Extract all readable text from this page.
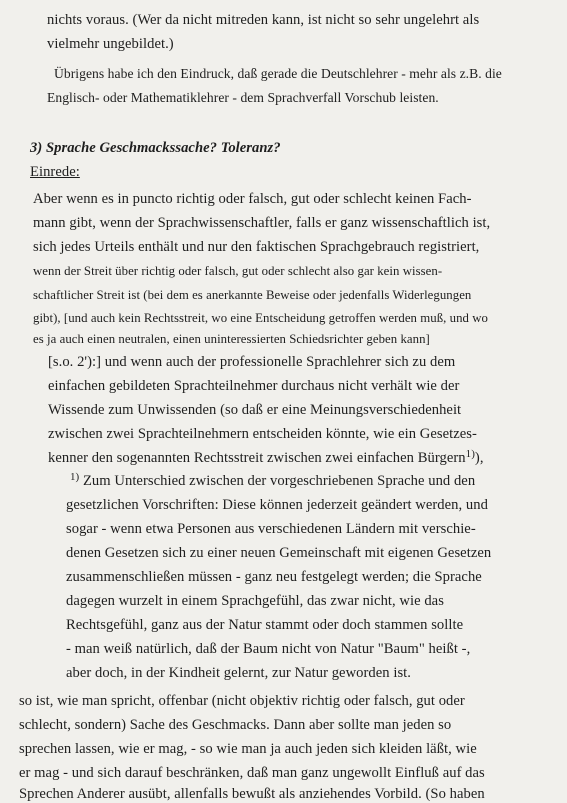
nichts voraus. (Wer da nicht mitreden kann, ist nicht so sehr ungelehrt als
vielmehr ungebildet.)
Übrigens habe ich den Eindruck, daß gerade die Deutschlehrer - mehr als z.B. die
Englisch- oder Mathematiklehrer - dem Sprachverfall Vorschub leisten.
3) Sprache Geschmackssache? Toleranz?
Einrede:
Aber wenn es in puncto richtig oder falsch, gut oder schlecht keinen Fach-
mann gibt, wenn der Sprachwissenschaftler, falls er ganz wissenschaftlich ist,
sich jedes Urteils enthält und nur den faktischen Sprachgebrauch registriert,
wenn der Streit über richtig oder falsch, gut oder schlecht also gar kein wissen-
schaftlicher Streit ist (bei dem es anerkannte Beweise oder jedenfalls Widerlegungen
gibt), [und auch kein Rechtsstreit, wo eine Entscheidung getroffen werden muß, und wo
es ja auch einen neutralen, einen uninteressierten Schiedsrichter geben kann]
[s.o. 2'):] und wenn auch der professionelle Sprachlehrer sich zu dem
einfachen gebildeten Sprachteilnehmer durchaus nicht verhält wie der
Wissende zum Unwissenden (so daß er eine Meinungsverschiedenheit
zwischen zwei Sprachteilnehmern entscheiden könnte, wie ein Gesetzes-
kenner den sogenannten Rechtsstreit zwischen zwei einfachen Bürgern$^{1)}$),
$^{1)}$ Zum Unterschied zwischen der vorgeschriebenen Sprache und den
gesetzlichen Vorschriften: Diese können jederzeit geändert werden, und
sogar - wenn etwa Personen aus verschiedenen Ländern mit verschie-
denen Gesetzen sich zu einer neuen Gemeinschaft mit eigenen Gesetzen
zusammenschließen müssen - ganz neu festgelegt werden; die Sprache
dagegen wurzelt in einem Sprachgefühl, das zwar nicht, wie das
Rechtsgefühl, ganz aus der Natur stammt oder doch stammen sollte
- man weiß natürlich, daß der Baum nicht von Natur "Baum" heißt -,
aber doch, in der Kindheit gelernt, zur Natur geworden ist.
so ist, wie man spricht, offenbar (nicht objektiv richtig oder falsch, gut oder
schlecht, sondern) Sache des Geschmacks. Dann aber sollte man jeden so
sprechen lassen, wie er mag, - so wie man ja auch jeden sich kleiden läßt, wie
er mag - und sich darauf beschränken, daß man ganz ungewollt Einfluß auf das
Sprechen Anderer ausübt, allenfalls bewußt als anziehendes Vorbild. (So haben
